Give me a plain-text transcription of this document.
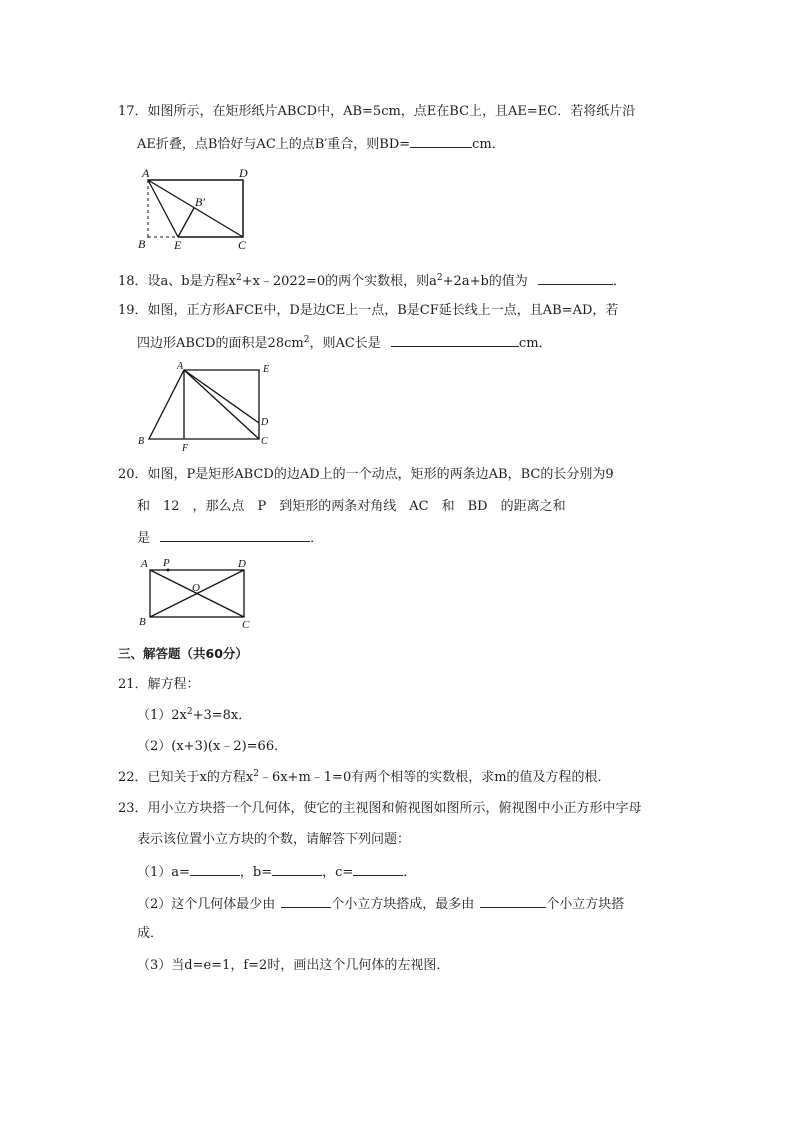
17．如图所示，在矩形纸片ABCD中，AB=5cm，点E在BC上，且AE=EC．若将纸片沿
AE折叠，点B恰好与AC上的点B′重合，则BD=	cm．
A	D
B′
B E	C
18．设a、b是方程$x^2+x﹣2022=0$的两个实数根，则$a^2+2a+b$的值为	．
19．如图，正方形AFCE中，D是边CE上一点，B是CF延长线上一点，且AB=AD，若
四边形ABCD的面积是$28cm^2$，则AC长是	cm．
A	E
D
B
F
C
20．如图，P是矩形ABCD的边AD上的一个动点，矩形的两条边AB，BC的长分别为9
和　12　，那么点　P　到矩形的两条对角线　AC　和　BD　的距离之和
是	．
A P	D
O
B	C
三、解答题（共60分）
21．解方程：
$(1)2x^2+3=8x$．
（2）(x+3)(x﹣2)=66．
22．已知关于x的方程$x^2﹣6x+m﹣1=0$有两个相等的实数根，求m的值及方程的根．
23．用小立方块搭一个几何体，使它的主视图和俯视图如图所示，俯视图中小正方形中字母
表示该位置小立方块的个数，请解答下列问题：
（1）a=	，b=	，c=	．
（2）这个几何体最少由	个小立方块搭成，最多由	个小立方块搭
成．
（3）当d=e=1，f=2时，画出这个几何体的左视图．
